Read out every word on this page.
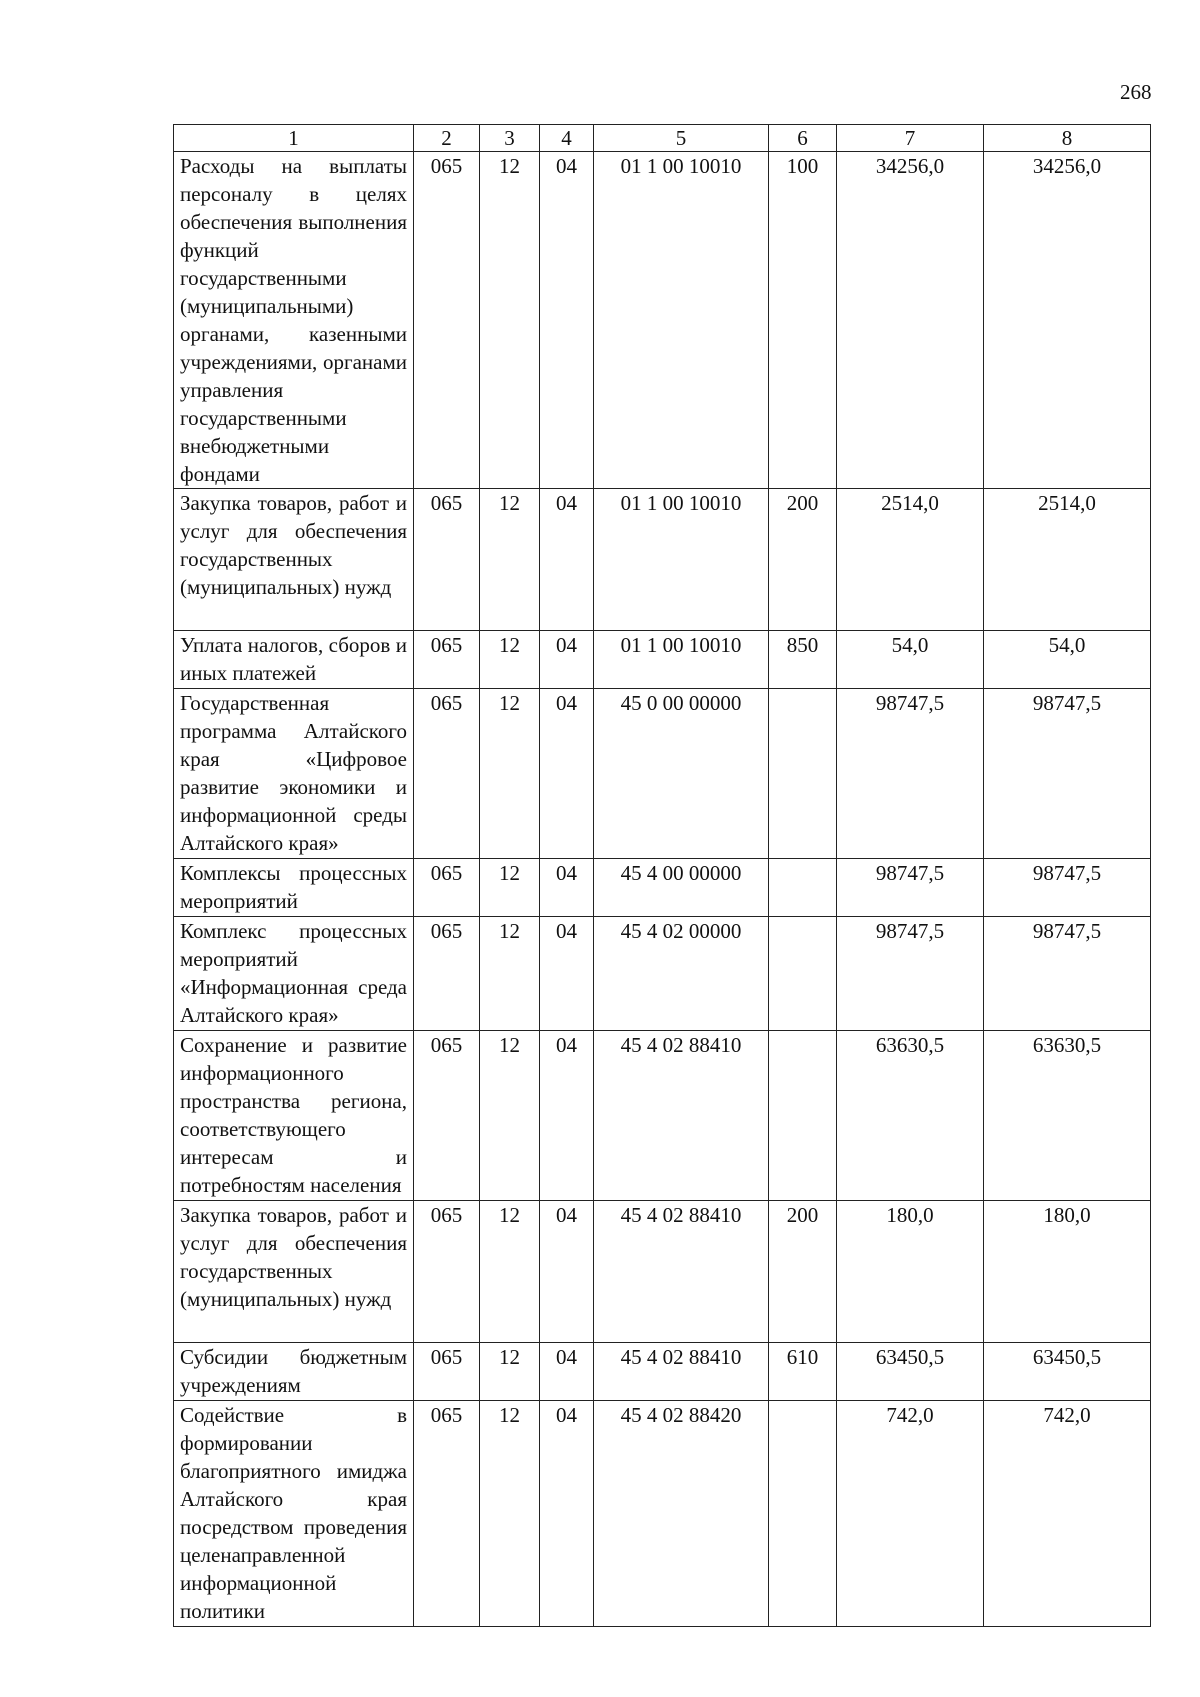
268
1	2	3	4	5	6	7	8
Расходы на выплаты персоналу в целях обеспечения выполнения функций государственными (муниципальными) органами, казенными учреждениями, органами управления государственными внебюджетными фондами	065	12	04	01 1 00 10010	100	34256,0	34256,0
Закупка товаров, работ и услуг для обеспечения государственных (муниципальных) нужд	065	12	04	01 1 00 10010	200	2514,0	2514,0
Уплата налогов, сборов и иных платежей	065	12	04	01 1 00 10010	850	54,0	54,0
Государственная программа Алтайского края «Цифровое развитие экономики и информационной среды Алтайского края»	065	12	04	45 0 00 00000		98747,5	98747,5
Комплексы процессных мероприятий	065	12	04	45 4 00 00000		98747,5	98747,5
Комплекс процессных мероприятий «Информационная среда Алтайского края»	065	12	04	45 4 02 00000		98747,5	98747,5
Сохранение и развитие информационного пространства региона, соответствующего интересам и потребностям населения	065	12	04	45 4 02 88410		63630,5	63630,5
Закупка товаров, работ и услуг для обеспечения государственных (муниципальных) нужд	065	12	04	45 4 02 88410	200	180,0	180,0
Субсидии бюджетным учреждениям	065	12	04	45 4 02 88410	610	63450,5	63450,5
Содействие в формировании благоприятного имиджа Алтайского края посредством проведения целенаправленной информационной политики	065	12	04	45 4 02 88420		742,0	742,0
